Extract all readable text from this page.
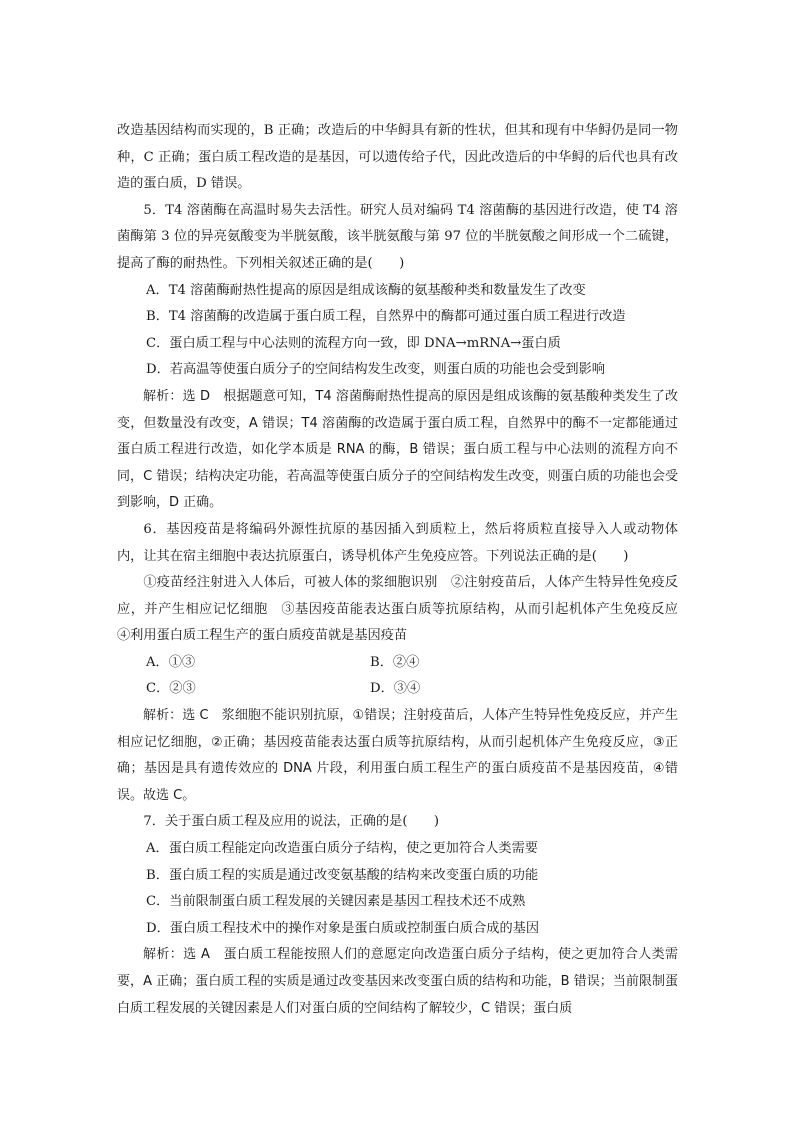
改造基因结构而实现的，B 正确；改造后的中华鲟具有新的性状，但其和现有中华鲟仍是同一物种，C 正确；蛋白质工程改造的是基因，可以遗传给子代，因此改造后的中华鲟的后代也具有改造的蛋白质，D 错误。

5．T4 溶菌酶在高温时易失去活性。研究人员对编码 T4 溶菌酶的基因进行改造，使 T4 溶菌酶第 3 位的异亮氨酸变为半胱氨酸，该半胱氨酸与第 97 位的半胱氨酸之间形成一个二硫键，提高了酶的耐热性。下列相关叙述正确的是(　　)

A．T4 溶菌酶耐热性提高的原因是组成该酶的氨基酸种类和数量发生了改变

B．T4 溶菌酶的改造属于蛋白质工程，自然界中的酶都可通过蛋白质工程进行改造

C．蛋白质工程与中心法则的流程方向一致，即 DNA→mRNA→蛋白质

D．若高温等使蛋白质分子的空间结构发生改变，则蛋白质的功能也会受到影响

解析：选 D　根据题意可知，T4 溶菌酶耐热性提高的原因是组成该酶的氨基酸种类发生了改变，但数量没有改变，A 错误；T4 溶菌酶的改造属于蛋白质工程，自然界中的酶不一定都能通过蛋白质工程进行改造，如化学本质是 RNA 的酶，B 错误；蛋白质工程与中心法则的流程方向不同，C 错误；结构决定功能，若高温等使蛋白质分子的空间结构发生改变，则蛋白质的功能也会受到影响，D 正确。

6．基因疫苗是将编码外源性抗原的基因插入到质粒上，然后将质粒直接导入人或动物体内，让其在宿主细胞中表达抗原蛋白，诱导机体产生免疫应答。下列说法正确的是(　　)

①疫苗经注射进入人体后，可被人体的浆细胞识别　②注射疫苗后，人体产生特异性免疫反应，并产生相应记忆细胞　③基因疫苗能表达蛋白质等抗原结构，从而引起机体产生免疫反应　④利用蛋白质工程生产的蛋白质疫苗就是基因疫苗

A．①③	B．②④
C．②③	D．③④

解析：选 C　浆细胞不能识别抗原，①错误；注射疫苗后，人体产生特异性免疫反应，并产生相应记忆细胞，②正确；基因疫苗能表达蛋白质等抗原结构，从而引起机体产生免疫反应，③正确；基因是具有遗传效应的 DNA 片段，利用蛋白质工程生产的蛋白质疫苗不是基因疫苗，④错误。故选 C。

7．关于蛋白质工程及应用的说法，正确的是(　　)

A．蛋白质工程能定向改造蛋白质分子结构，使之更加符合人类需要

B．蛋白质工程的实质是通过改变氨基酸的结构来改变蛋白质的功能

C．当前限制蛋白质工程发展的关键因素是基因工程技术还不成熟

D．蛋白质工程技术中的操作对象是蛋白质或控制蛋白质合成的基因

解析：选 A　蛋白质工程能按照人们的意愿定向改造蛋白质分子结构，使之更加符合人类需要，A 正确；蛋白质工程的实质是通过改变基因来改变蛋白质的结构和功能，B 错误；当前限制蛋白质工程发展的关键因素是人们对蛋白质的空间结构了解较少，C 错误；蛋白质
